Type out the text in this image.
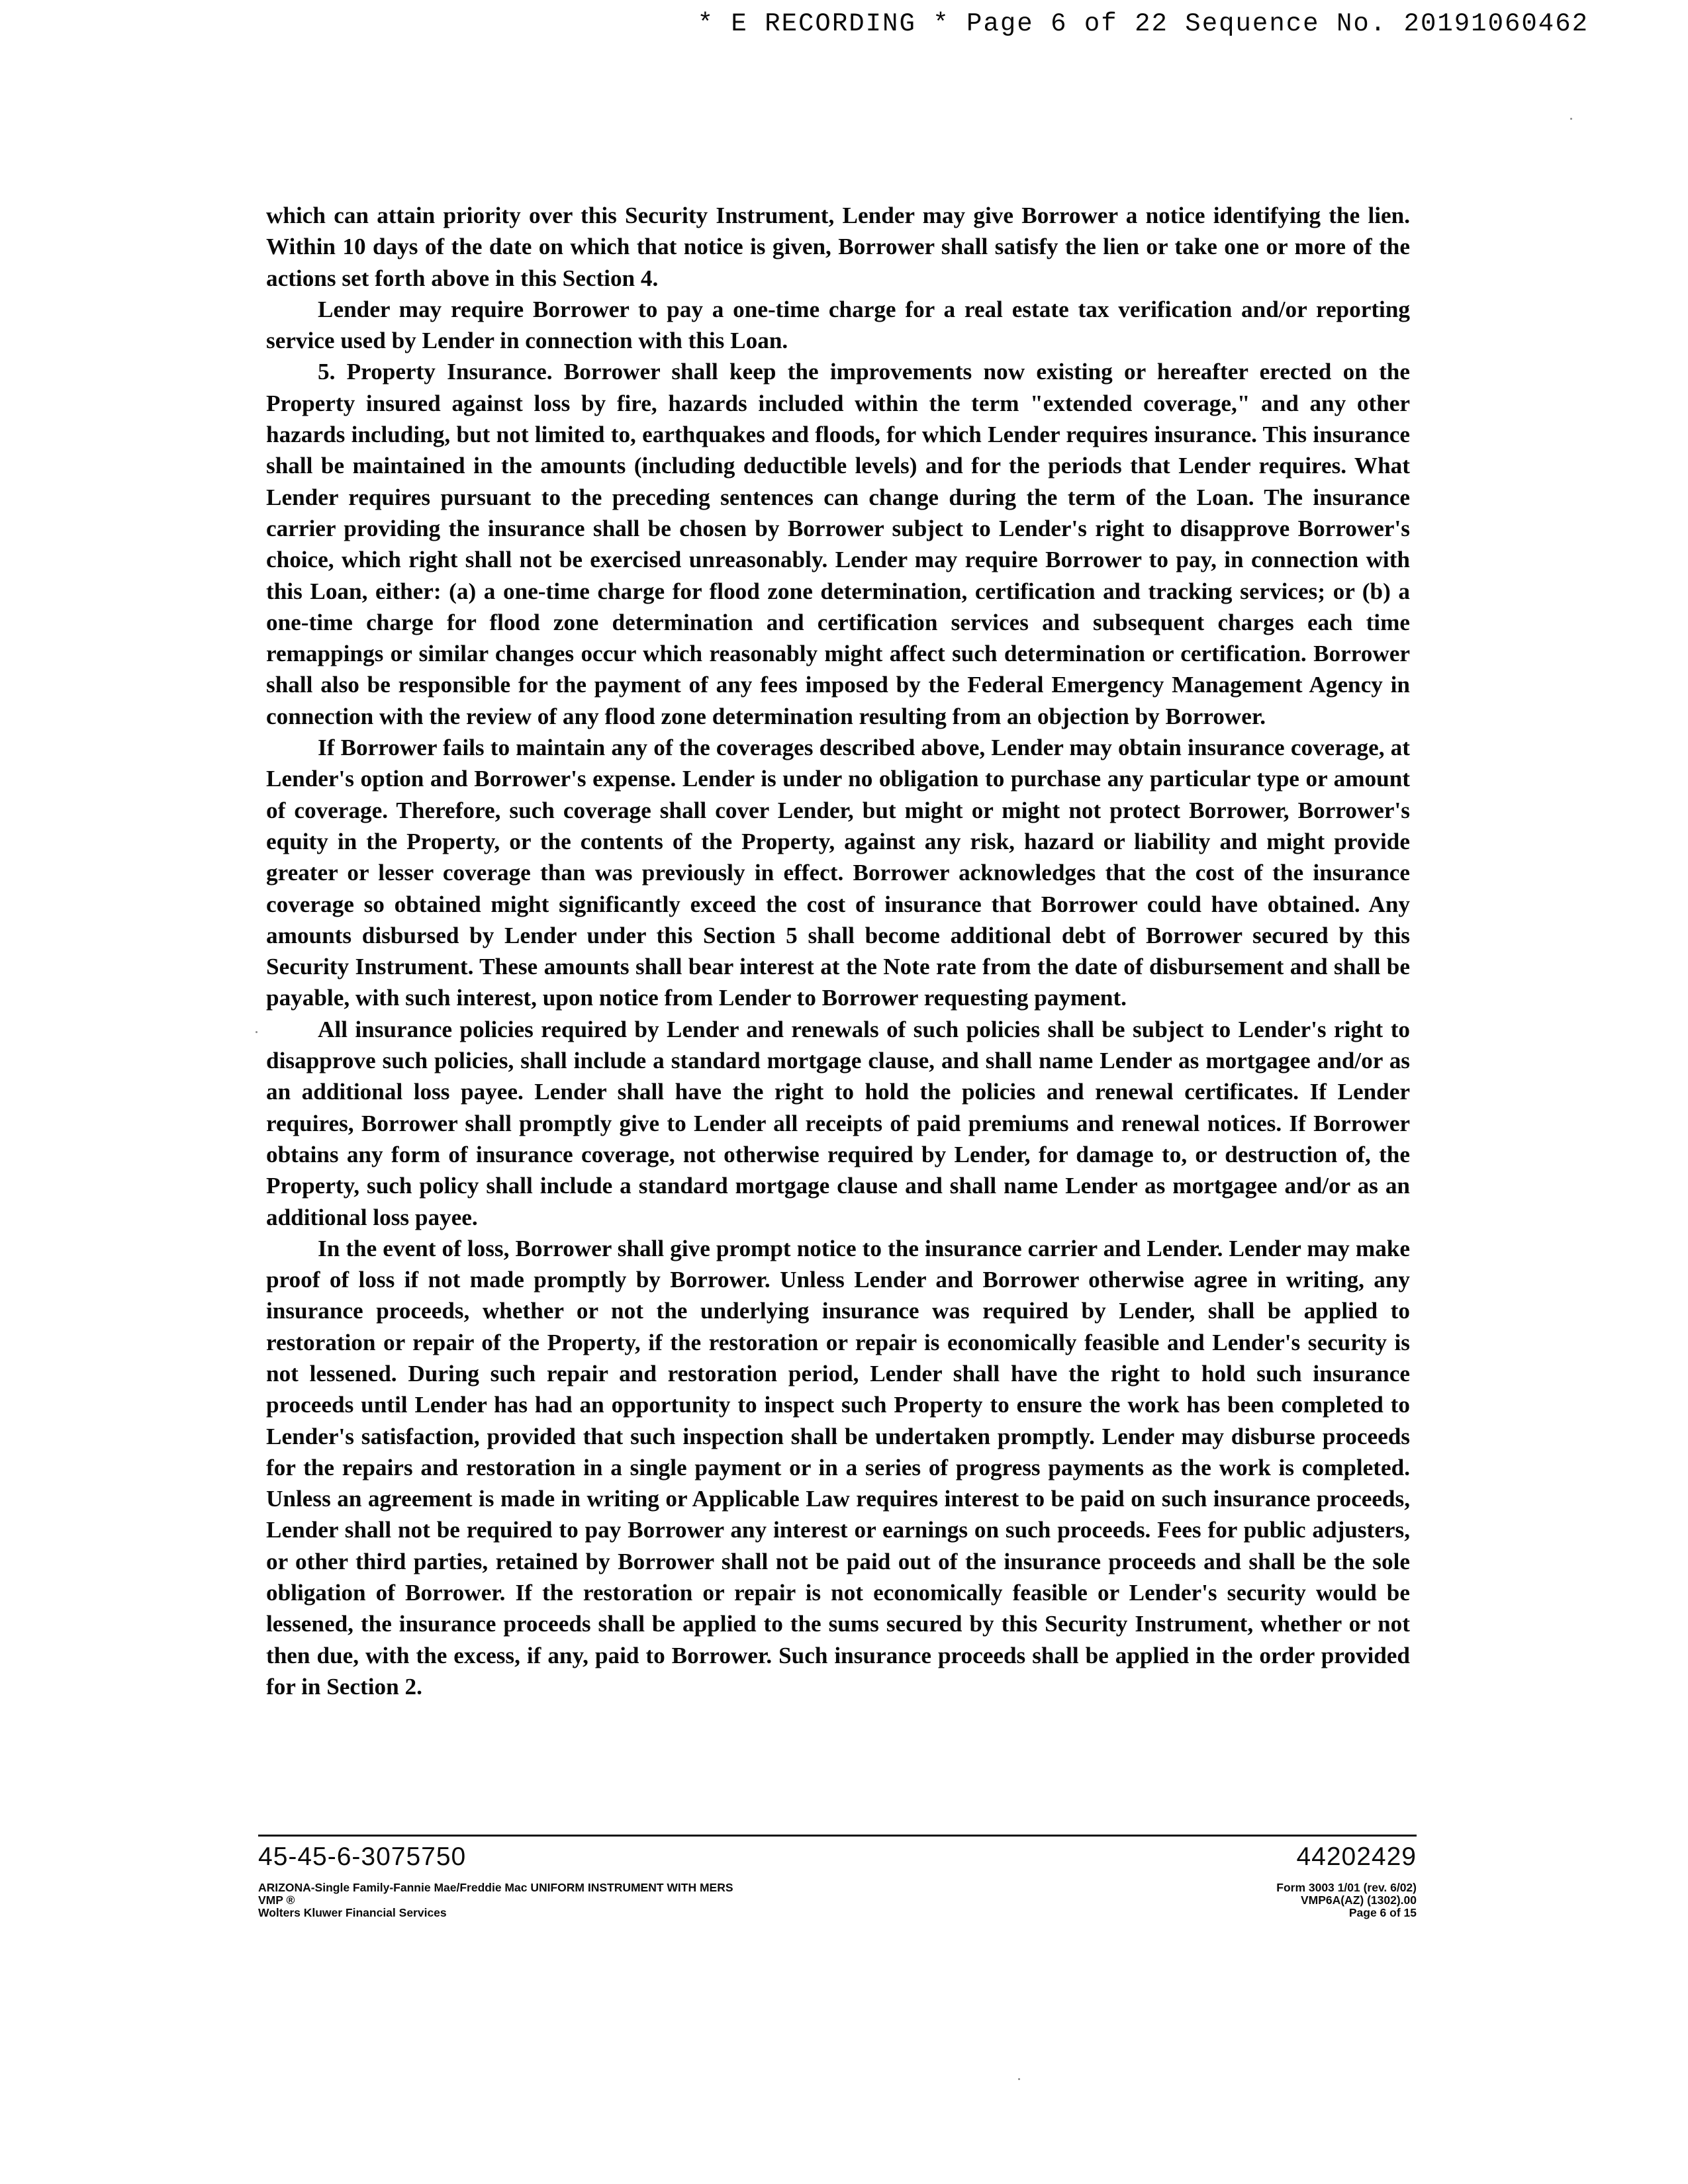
* E RECORDING * Page 6 of 22 Sequence No. 20191060462

which can attain priority over this Security Instrument, Lender may give Borrower a notice identifying the lien. Within 10 days of the date on which that notice is given, Borrower shall satisfy the lien or take one or more of the actions set forth above in this Section 4.

Lender may require Borrower to pay a one-time charge for a real estate tax verification and/or reporting service used by Lender in connection with this Loan.

5. Property Insurance. Borrower shall keep the improvements now existing or hereafter erected on the Property insured against loss by fire, hazards included within the term "extended coverage," and any other hazards including, but not limited to, earthquakes and floods, for which Lender requires insurance. This insurance shall be maintained in the amounts (including deductible levels) and for the periods that Lender requires. What Lender requires pursuant to the preceding sentences can change during the term of the Loan. The insurance carrier providing the insurance shall be chosen by Borrower subject to Lender's right to disapprove Borrower's choice, which right shall not be exercised unreasonably. Lender may require Borrower to pay, in connection with this Loan, either: (a) a one-time charge for flood zone determination, certification and tracking services; or (b) a one-time charge for flood zone determination and certification services and subsequent charges each time remappings or similar changes occur which reasonably might affect such determination or certification. Borrower shall also be responsible for the payment of any fees imposed by the Federal Emergency Management Agency in connection with the review of any flood zone determination resulting from an objection by Borrower.

If Borrower fails to maintain any of the coverages described above, Lender may obtain insurance coverage, at Lender's option and Borrower's expense. Lender is under no obligation to purchase any particular type or amount of coverage. Therefore, such coverage shall cover Lender, but might or might not protect Borrower, Borrower's equity in the Property, or the contents of the Property, against any risk, hazard or liability and might provide greater or lesser coverage than was previously in effect. Borrower acknowledges that the cost of the insurance coverage so obtained might significantly exceed the cost of insurance that Borrower could have obtained. Any amounts disbursed by Lender under this Section 5 shall become additional debt of Borrower secured by this Security Instrument. These amounts shall bear interest at the Note rate from the date of disbursement and shall be payable, with such interest, upon notice from Lender to Borrower requesting payment.

All insurance policies required by Lender and renewals of such policies shall be subject to Lender's right to disapprove such policies, shall include a standard mortgage clause, and shall name Lender as mortgagee and/or as an additional loss payee. Lender shall have the right to hold the policies and renewal certificates. If Lender requires, Borrower shall promptly give to Lender all receipts of paid premiums and renewal notices. If Borrower obtains any form of insurance coverage, not otherwise required by Lender, for damage to, or destruction of, the Property, such policy shall include a standard mortgage clause and shall name Lender as mortgagee and/or as an additional loss payee.

In the event of loss, Borrower shall give prompt notice to the insurance carrier and Lender. Lender may make proof of loss if not made promptly by Borrower. Unless Lender and Borrower otherwise agree in writing, any insurance proceeds, whether or not the underlying insurance was required by Lender, shall be applied to restoration or repair of the Property, if the restoration or repair is economically feasible and Lender's security is not lessened. During such repair and restoration period, Lender shall have the right to hold such insurance proceeds until Lender has had an opportunity to inspect such Property to ensure the work has been completed to Lender's satisfaction, provided that such inspection shall be undertaken promptly. Lender may disburse proceeds for the repairs and restoration in a single payment or in a series of progress payments as the work is completed. Unless an agreement is made in writing or Applicable Law requires interest to be paid on such insurance proceeds, Lender shall not be required to pay Borrower any interest or earnings on such proceeds. Fees for public adjusters, or other third parties, retained by Borrower shall not be paid out of the insurance proceeds and shall be the sole obligation of Borrower. If the restoration or repair is not economically feasible or Lender's security would be lessened, the insurance proceeds shall be applied to the sums secured by this Security Instrument, whether or not then due, with the excess, if any, paid to Borrower. Such insurance proceeds shall be applied in the order provided for in Section 2.

45-45-6-3075750	44202429
ARIZONA-Single Family-Fannie Mae/Freddie Mac UNIFORM INSTRUMENT WITH MERS
VMP ®
Wolters Kluwer Financial Services
Form 3003 1/01 (rev. 6/02)
VMP6A(AZ) (1302).00
Page 6 of 15
